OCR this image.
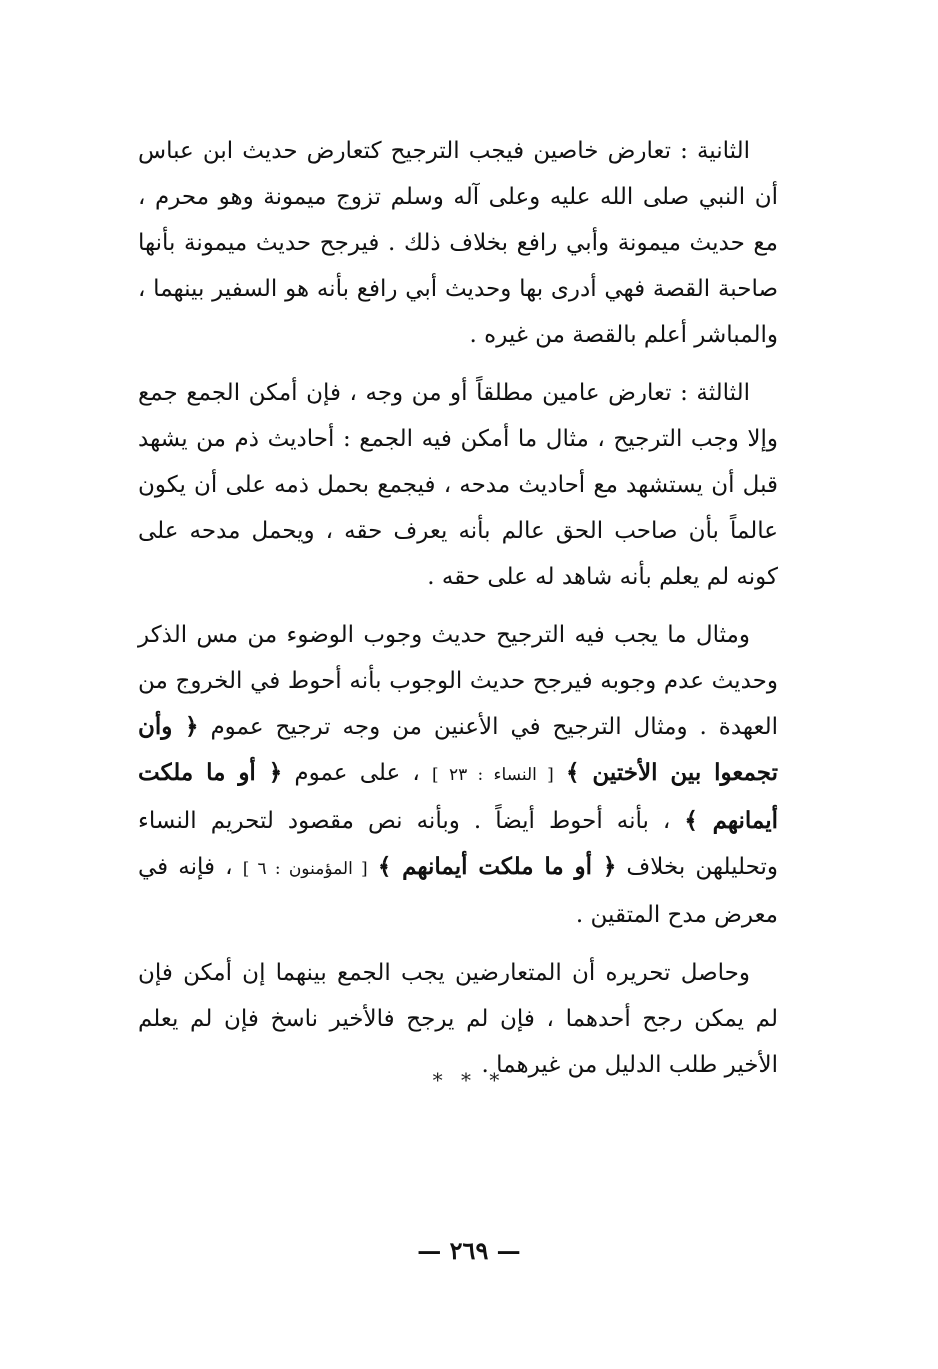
الثانية : تعارض خاصين فيجب الترجيح كتعارض حديث ابن عباس أن النبي صلى الله عليه وعلى آله وسلم تزوج ميمونة وهو محرم ، مع حديث ميمونة وأبي رافع بخلاف ذلك . فيرجح حديث ميمونة بأنها صاحبة القصة فهي أدرى بها وحديث أبي رافع بأنه هو السفير بينهما ، والمباشر أعلم بالقصة من غيره .

الثالثة : تعارض عامين مطلقاً أو من وجه ، فإن أمكن الجمع جمع وإلا وجب الترجيح ، مثال ما أمكن فيه الجمع : أحاديث ذم من يشهد قبل أن يستشهد مع أحاديث مدحه ، فيجمع بحمل ذمه على أن يكون عالماً بأن صاحب الحق عالم بأنه يعرف حقه ، ويحمل مدحه على كونه لم يعلم بأنه شاهد له على حقه .

ومثال ما يجب فيه الترجيح حديث وجوب الوضوء من مس الذكر وحديث عدم وجوبه فيرجح حديث الوجوب بأنه أحوط في الخروج من العهدة . ومثال الترجيح في الأعنين من وجه ترجيح عموم ﴿ وأن تجمعوا بين الأختين ﴾ [ النساء : ٢٣ ] ، على عموم ﴿ أو ما ملكت أيمانهم ﴾ ، بأنه أحوط أيضاً . وبأنه نص مقصود لتحريم النساء وتحليلهن بخلاف ﴿ أو ما ملكت أيمانهم ﴾ [ المؤمنون : ٦ ] ، فإنه في معرض مدح المتقين .

وحاصل تحريره أن المتعارضين يجب الجمع بينهما إن أمكن فإن لم يمكن رجح أحدهما ، فإن لم يرجح فالأخير ناسخ فإن لم يعلم الأخير طلب الدليل من غيرهما .

* * *
— ٢٦٩ —
